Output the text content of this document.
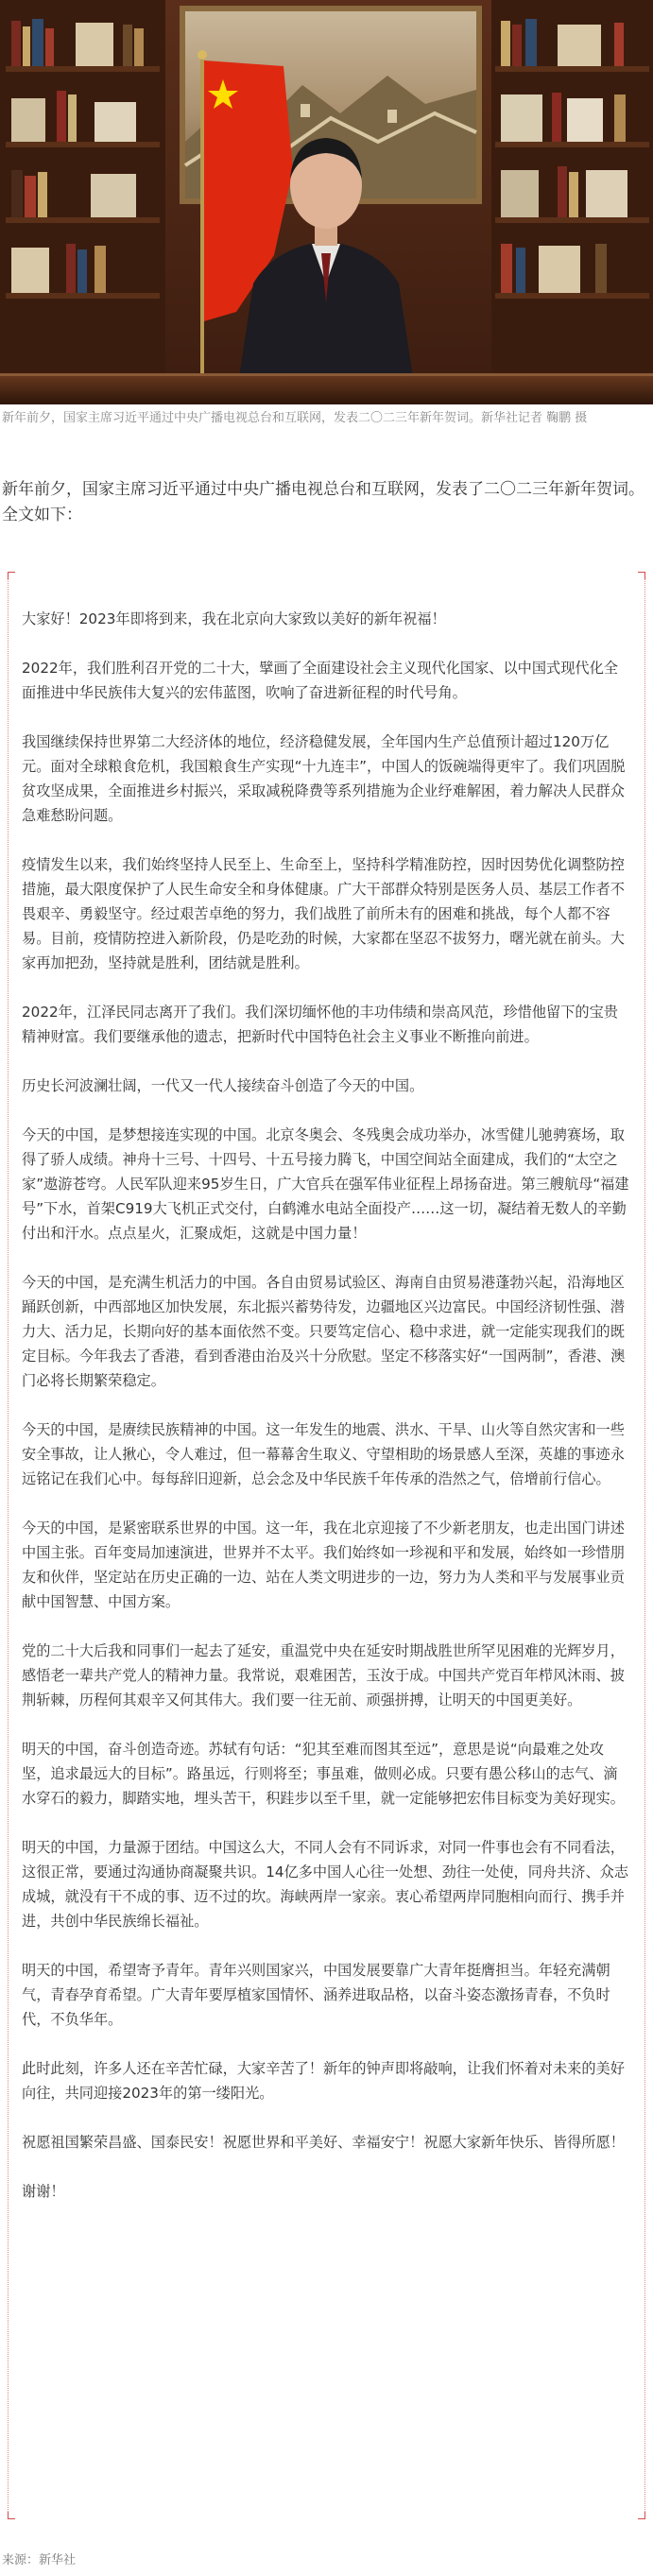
新年前夕，国家主席习近平通过中央广播电视总台和互联网，发表二〇二三年新年贺词。新华社记者 鞠鹏 摄
新年前夕，国家主席习近平通过中央广播电视总台和互联网，发表了二〇二三年新年贺词。全文如下：

大家好！2023年即将到来，我在北京向大家致以美好的新年祝福！

2022年，我们胜利召开党的二十大，擘画了全面建设社会主义现代化国家、以中国式现代化全面推进中华民族伟大复兴的宏伟蓝图，吹响了奋进新征程的时代号角。

我国继续保持世界第二大经济体的地位，经济稳健发展，全年国内生产总值预计超过120万亿元。面对全球粮食危机，我国粮食生产实现“十九连丰”，中国人的饭碗端得更牢了。我们巩固脱贫攻坚成果，全面推进乡村振兴，采取减税降费等系列措施为企业纾难解困，着力解决人民群众急难愁盼问题。

疫情发生以来，我们始终坚持人民至上、生命至上，坚持科学精准防控，因时因势优化调整防控措施，最大限度保护了人民生命安全和身体健康。广大干部群众特别是医务人员、基层工作者不畏艰辛、勇毅坚守。经过艰苦卓绝的努力，我们战胜了前所未有的困难和挑战，每个人都不容易。目前，疫情防控进入新阶段，仍是吃劲的时候，大家都在坚忍不拔努力，曙光就在前头。大家再加把劲，坚持就是胜利，团结就是胜利。

2022年，江泽民同志离开了我们。我们深切缅怀他的丰功伟绩和崇高风范，珍惜他留下的宝贵精神财富。我们要继承他的遗志，把新时代中国特色社会主义事业不断推向前进。

历史长河波澜壮阔，一代又一代人接续奋斗创造了今天的中国。

今天的中国，是梦想接连实现的中国。北京冬奥会、冬残奥会成功举办，冰雪健儿驰骋赛场，取得了骄人成绩。神舟十三号、十四号、十五号接力腾飞，中国空间站全面建成，我们的“太空之家”遨游苍穹。人民军队迎来95岁生日，广大官兵在强军伟业征程上昂扬奋进。第三艘航母“福建号”下水，首架C919大飞机正式交付，白鹤滩水电站全面投产……这一切，凝结着无数人的辛勤付出和汗水。点点星火，汇聚成炬，这就是中国力量！

今天的中国，是充满生机活力的中国。各自由贸易试验区、海南自由贸易港蓬勃兴起，沿海地区踊跃创新，中西部地区加快发展，东北振兴蓄势待发，边疆地区兴边富民。中国经济韧性强、潜力大、活力足，长期向好的基本面依然不变。只要笃定信心、稳中求进，就一定能实现我们的既定目标。今年我去了香港，看到香港由治及兴十分欣慰。坚定不移落实好“一国两制”，香港、澳门必将长期繁荣稳定。

今天的中国，是赓续民族精神的中国。这一年发生的地震、洪水、干旱、山火等自然灾害和一些安全事故，让人揪心，令人难过，但一幕幕舍生取义、守望相助的场景感人至深，英雄的事迹永远铭记在我们心中。每每辞旧迎新，总会念及中华民族千年传承的浩然之气，倍增前行信心。

今天的中国，是紧密联系世界的中国。这一年，我在北京迎接了不少新老朋友，也走出国门讲述中国主张。百年变局加速演进，世界并不太平。我们始终如一珍视和平和发展，始终如一珍惜朋友和伙伴，坚定站在历史正确的一边、站在人类文明进步的一边，努力为人类和平与发展事业贡献中国智慧、中国方案。

党的二十大后我和同事们一起去了延安，重温党中央在延安时期战胜世所罕见困难的光辉岁月，感悟老一辈共产党人的精神力量。我常说，艰难困苦，玉汝于成。中国共产党百年栉风沐雨、披荆斩棘，历程何其艰辛又何其伟大。我们要一往无前、顽强拼搏，让明天的中国更美好。

明天的中国，奋斗创造奇迹。苏轼有句话：“犯其至难而图其至远”，意思是说“向最难之处攻坚，追求最远大的目标”。路虽远，行则将至；事虽难，做则必成。只要有愚公移山的志气、滴水穿石的毅力，脚踏实地，埋头苦干，积跬步以至千里，就一定能够把宏伟目标变为美好现实。

明天的中国，力量源于团结。中国这么大，不同人会有不同诉求，对同一件事也会有不同看法，这很正常，要通过沟通协商凝聚共识。14亿多中国人心往一处想、劲往一处使，同舟共济、众志成城，就没有干不成的事、迈不过的坎。海峡两岸一家亲。衷心希望两岸同胞相向而行、携手并进，共创中华民族绵长福祉。

明天的中国，希望寄予青年。青年兴则国家兴，中国发展要靠广大青年挺膺担当。年轻充满朝气，青春孕育希望。广大青年要厚植家国情怀、涵养进取品格，以奋斗姿态激扬青春，不负时代，不负华年。

此时此刻，许多人还在辛苦忙碌，大家辛苦了！新年的钟声即将敲响，让我们怀着对未来的美好向往，共同迎接2023年的第一缕阳光。

祝愿祖国繁荣昌盛、国泰民安！祝愿世界和平美好、幸福安宁！祝愿大家新年快乐、皆得所愿！

谢谢！

来源：新华社
